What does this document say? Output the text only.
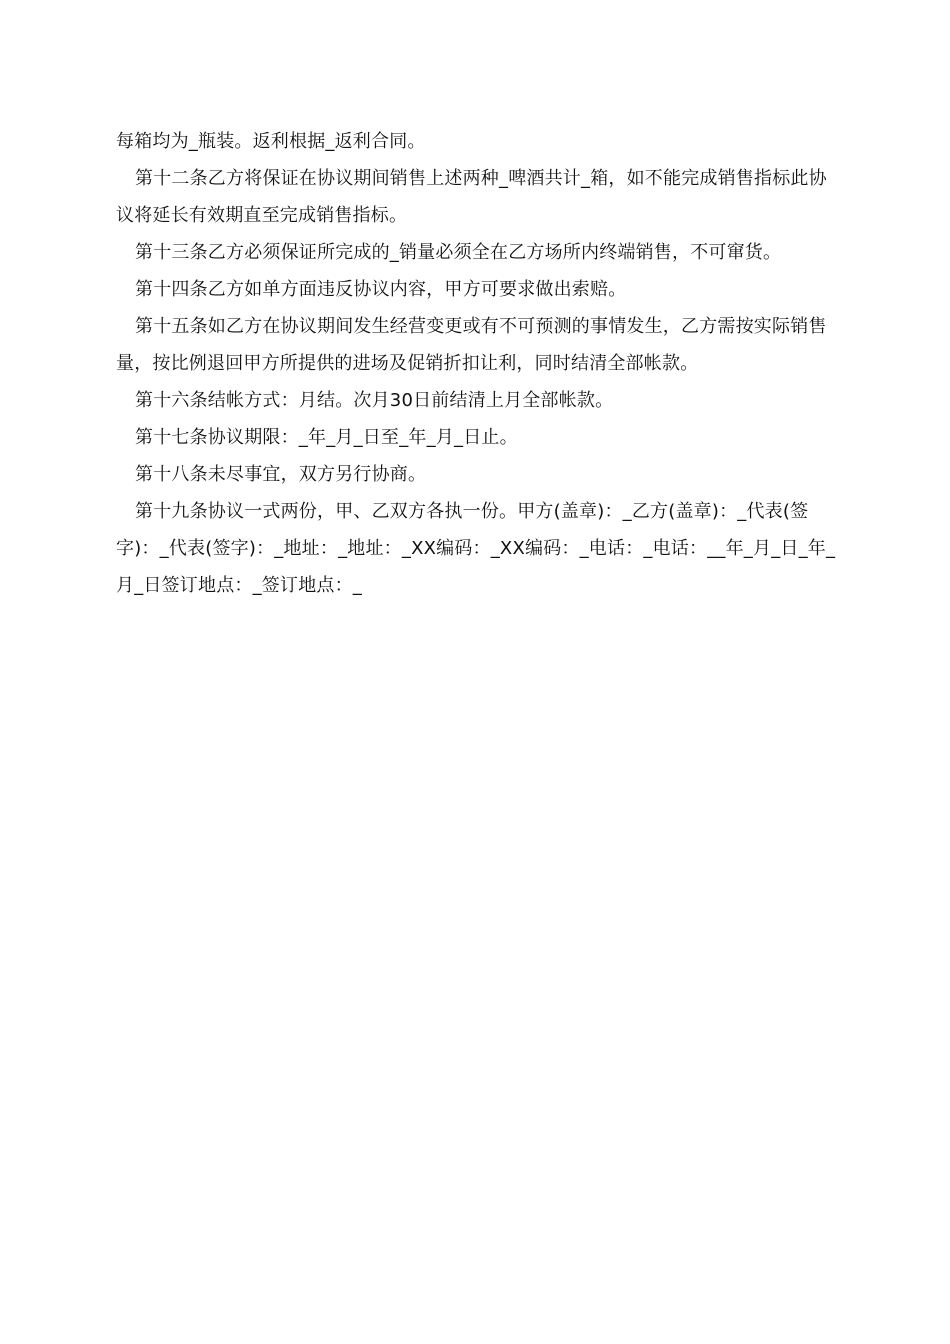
每箱均为_瓶装。返利根据_返利合同。

第十二条乙方将保证在协议期间销售上述两种_啤酒共计_箱，如不能完成销售指标此协议将延长有效期直至完成销售指标。

第十三条乙方必须保证所完成的_销量必须全在乙方场所内终端销售，不可窜货。

第十四条乙方如单方面违反协议内容，甲方可要求做出索赔。

第十五条如乙方在协议期间发生经营变更或有不可预测的事情发生，乙方需按实际销售量，按比例退回甲方所提供的进场及促销折扣让利，同时结清全部帐款。

第十六条结帐方式：月结。次月30日前结清上月全部帐款。

第十七条协议期限：_年_月_日至_年_月_日止。

第十八条未尽事宜，双方另行协商。

第十九条协议一式两份，甲、乙双方各执一份。甲方(盖章)：_乙方(盖章)：_代表(签字)：_代表(签字)：_地址：_地址：_XX编码：_XX编码：_电话：_电话：__年_月_日_年_月_日签订地点：_签订地点：_
